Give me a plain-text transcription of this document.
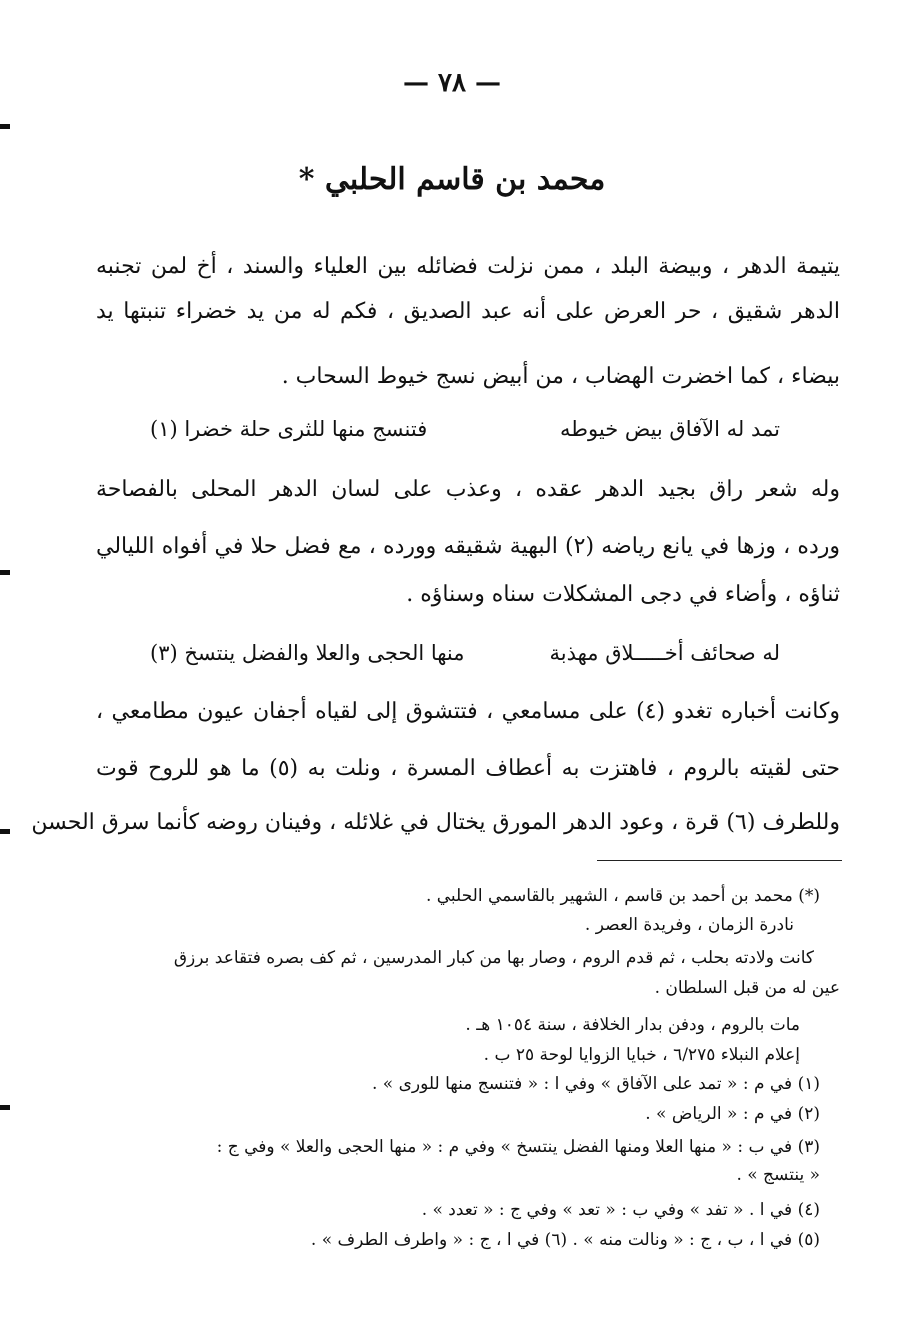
— ٧٨ —
محمد بن قاسم الحلبي *
يتيمة الدهر ، وبيضة البلد ، ممن نزلت فضائله بين العلياء والسند ، أخ لمن تجنبه
الدهر شقيق ، حر العرض على أنه عبد الصديق ، فكم له من يد خضراء تنبتها يد
بيضاء ، كما اخضرت الهضاب ، من أبيض نسج خيوط السحاب .
تمد له الآفاق بيض خيوطه
فتنسج منها للثرى حلة خضرا (١)
وله شعر راق بجيد الدهر عقده ، وعذب على لسان الدهر المحلى بالفصاحة
ورده ، وزها في يانع رياضه (٢) البهية شقيقه وورده ، مع فضل حلا في أفواه الليالي
ثناؤه ، وأضاء في دجى المشكلات سناه وسناؤه .
له صحائف أخـــــلاق مهذبة
منها الحجى والعلا والفضل ينتسخ (٣)
وكانت أخباره تغدو (٤) على مسامعي ، فتتشوق إلى لقياه أجفان عيون مطامعي ،
حتى لقيته بالروم ، فاهتزت به أعطاف المسرة ، ونلت به (٥) ما هو للروح قوت
وللطرف (٦) قرة ، وعود الدهر المورق يختال في غلائله ، وفينان روضه كأنما سرق الحسن
(*) محمد بن أحمد بن قاسم ، الشهير بالقاسمي الحلبي .
نادرة الزمان ، وفريدة العصر .
كانت ولادته بحلب ، ثم قدم الروم ، وصار بها من كبار المدرسين ، ثم كف بصره فتقاعد برزق
عين له من قبل السلطان .
مات بالروم ، ودفن بدار الخلافة ، سنة ١٠٥٤ هـ .
إعلام النبلاء ٦/٢٧٥ ، خبايا الزوايا لوحة ٢٥ ب .
(١) في م : « تمد على الآفاق » وفي ا : « فتنسج منها للورى » .
(٢) في م : « الرياض » .
(٣) في ب : « منها العلا ومنها الفضل ينتسخ » وفي م : « منها الحجى والعلا » وفي ج :
« ينتسج » .
(٤) في ا . « تفد » وفي ب : « تعد » وفي ج : « تعدد » .
(٥) في ا ، ب ، ج : « ونالت منه » . (٦) في ا ، ج : « واطرف الطرف » .
